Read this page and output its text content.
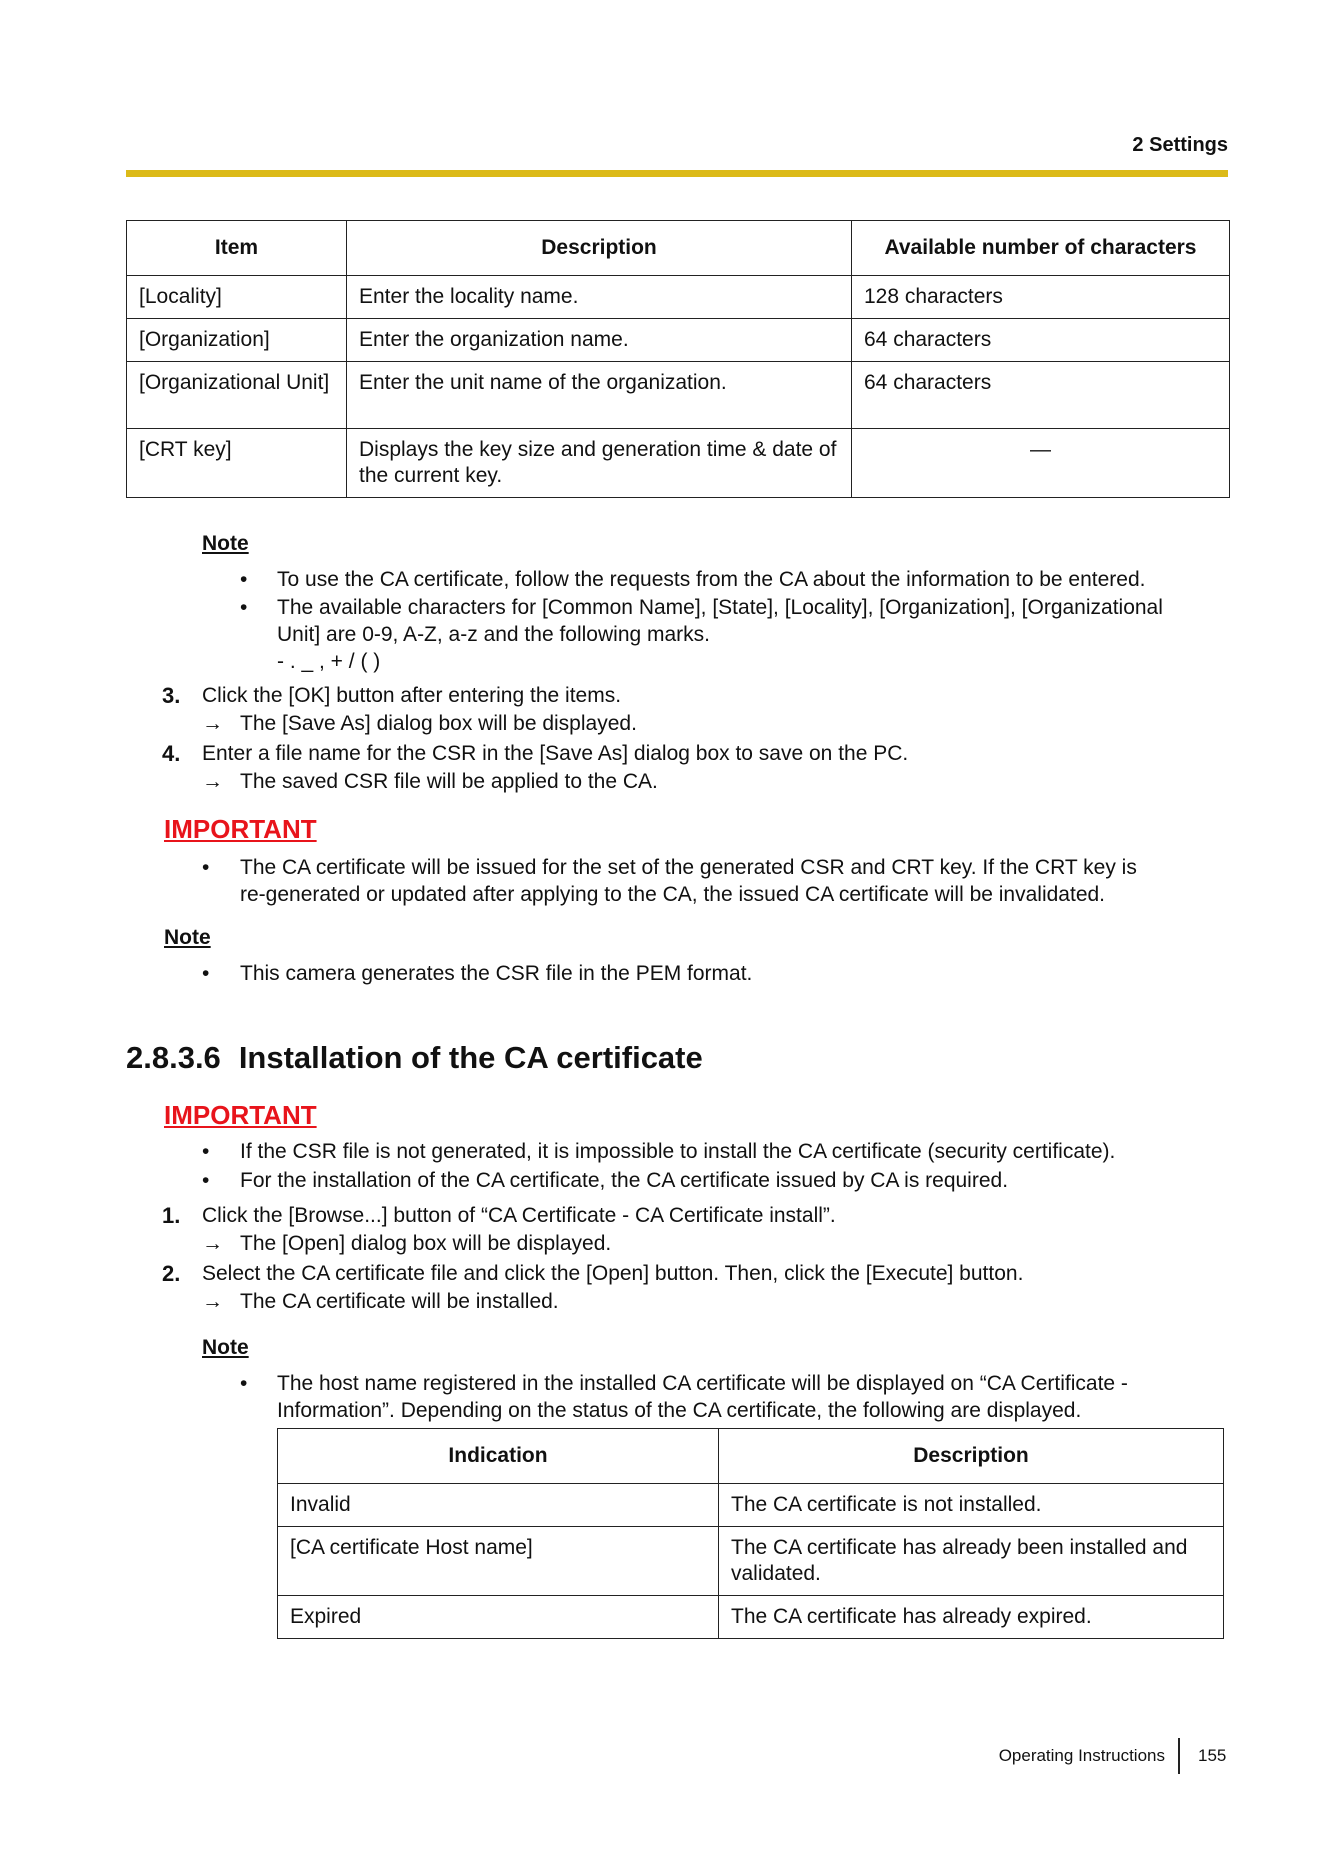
2 Settings
Item	Description	Available number of characters
[Locality]	Enter the locality name.	128 characters
[Organization]	Enter the organization name.	64 characters
[Organizational Unit]	Enter the unit name of the organization.	64 characters
[CRT key]	Displays the key size and generation time & date of the current key.	—
Note
• To use the CA certificate, follow the requests from the CA about the information to be entered.
• The available characters for [Common Name], [State], [Locality], [Organization], [Organizational
Unit] are 0-9, A-Z, a-z and the following marks.
- . _ , + / ( )
3. Click the [OK] button after entering the items.
→ The [Save As] dialog box will be displayed.
4. Enter a file name for the CSR in the [Save As] dialog box to save on the PC.
→ The saved CSR file will be applied to the CA.
IMPORTANT
• The CA certificate will be issued for the set of the generated CSR and CRT key. If the CRT key is
re-generated or updated after applying to the CA, the issued CA certificate will be invalidated.
Note
• This camera generates the CSR file in the PEM format.
2.8.3.6 Installation of the CA certificate
IMPORTANT
• If the CSR file is not generated, it is impossible to install the CA certificate (security certificate).
• For the installation of the CA certificate, the CA certificate issued by CA is required.
1. Click the [Browse...] button of “CA Certificate - CA Certificate install”.
→ The [Open] dialog box will be displayed.
2. Select the CA certificate file and click the [Open] button. Then, click the [Execute] button.
→ The CA certificate will be installed.
Note
• The host name registered in the installed CA certificate will be displayed on “CA Certificate -
Information”. Depending on the status of the CA certificate, the following are displayed.
Indication	Description
Invalid	The CA certificate is not installed.
[CA certificate Host name]	The CA certificate has already been installed and validated.
Expired	The CA certificate has already expired.
Operating Instructions 155
